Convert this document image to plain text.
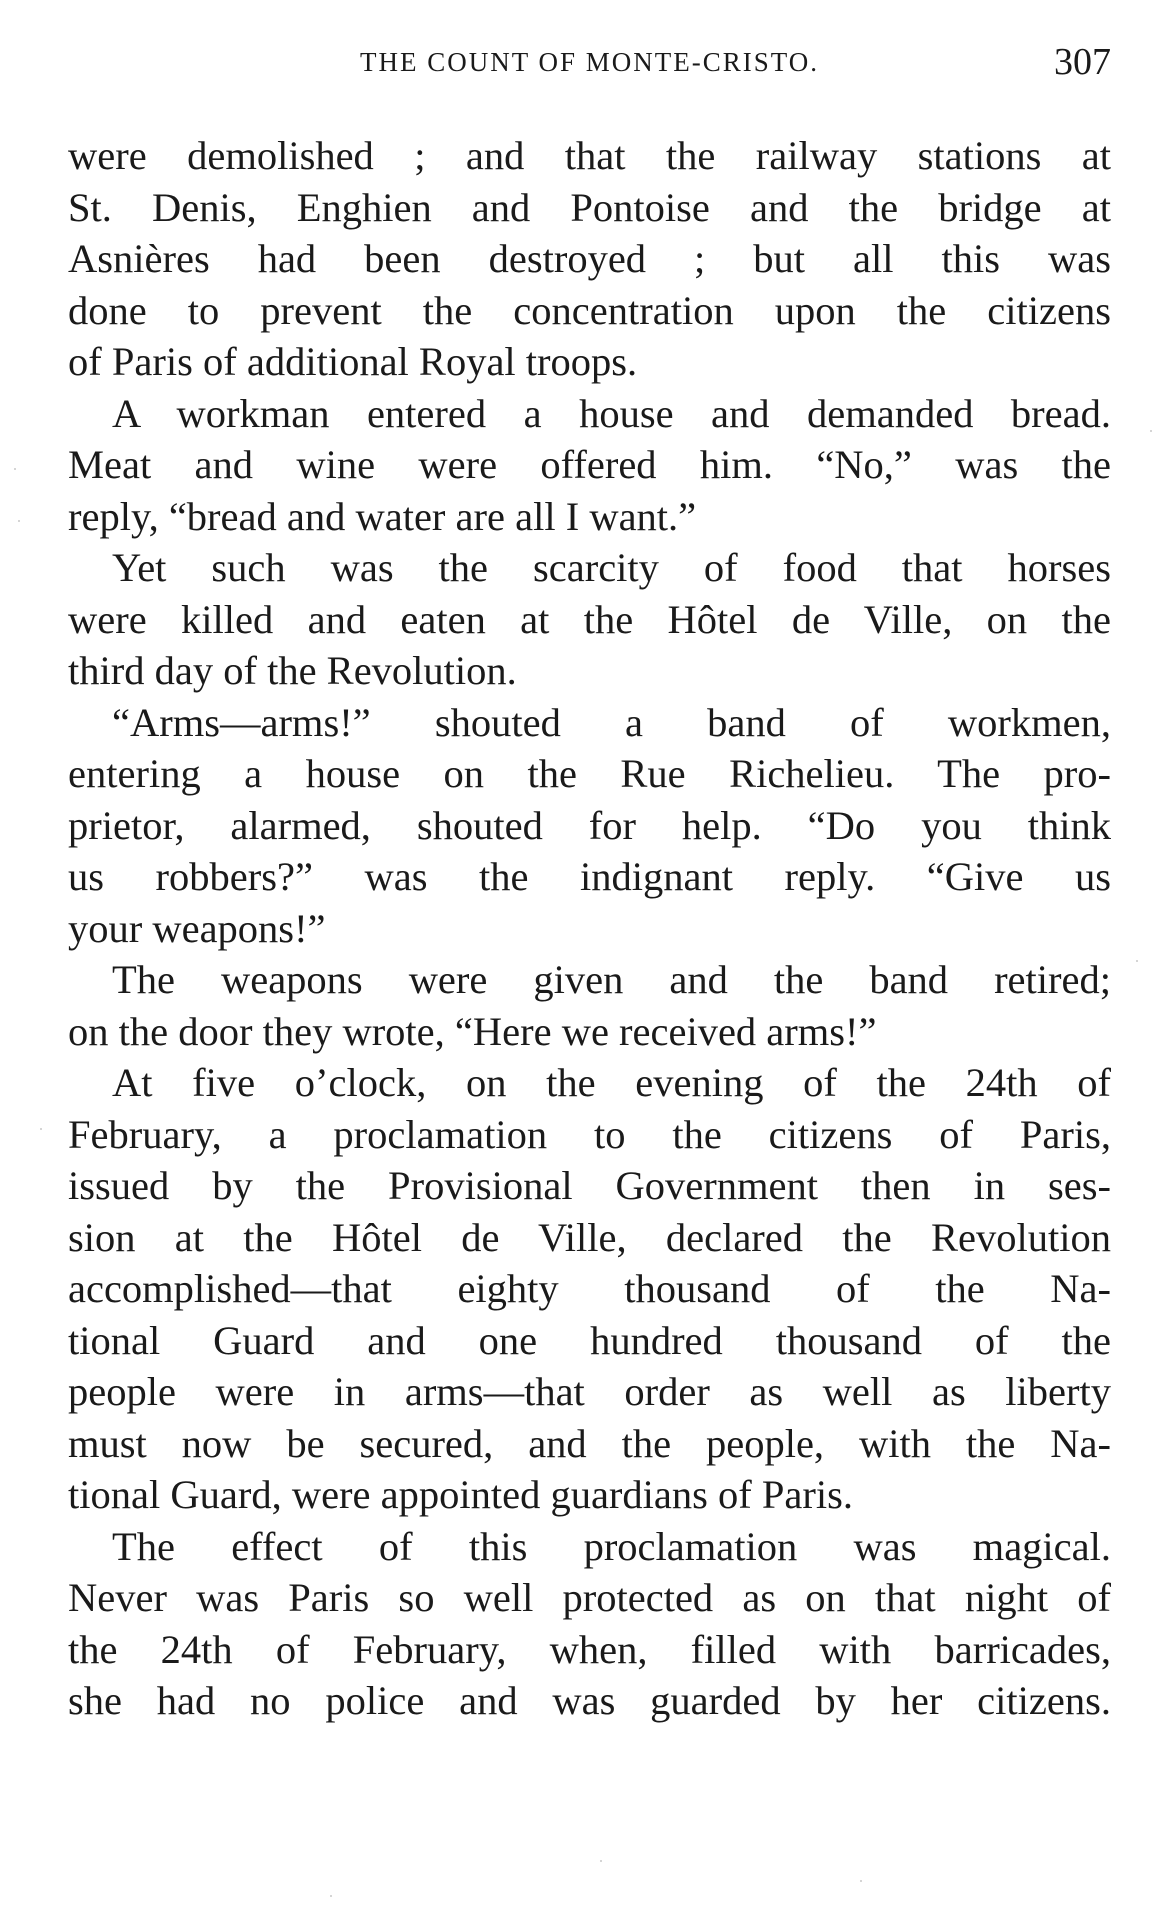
THE COUNT OF MONTE-CRISTO.	307
were demolished ; and that the railway stations at
St. Denis, Enghien and Pontoise and the bridge at
Asnières had been destroyed ; but all this was
done to prevent the concentration upon the citizens
of Paris of additional Royal troops.
A workman entered a house and demanded bread.
Meat and wine were offered him. “No,” was the
reply, “bread and water are all I want.”
Yet such was the scarcity of food that horses
were killed and eaten at the Hôtel de Ville, on the
third day of the Revolution.
“Arms—arms!” shouted a band of workmen,
entering a house on the Rue Richelieu. The pro-
prietor, alarmed, shouted for help. “Do you think
us robbers?” was the indignant reply. “Give us
your weapons!”
The weapons were given and the band retired;
on the door they wrote, “Here we received arms!”
At five o’clock, on the evening of the 24th of
February, a proclamation to the citizens of Paris,
issued by the Provisional Government then in ses-
sion at the Hôtel de Ville, declared the Revolution
accomplished—that eighty thousand of the Na-
tional Guard and one hundred thousand of the
people were in arms—that order as well as liberty
must now be secured, and the people, with the Na-
tional Guard, were appointed guardians of Paris.
The effect of this proclamation was magical.
Never was Paris so well protected as on that night of
the 24th of February, when, filled with barricades,
she had no police and was guarded by her citizens.
